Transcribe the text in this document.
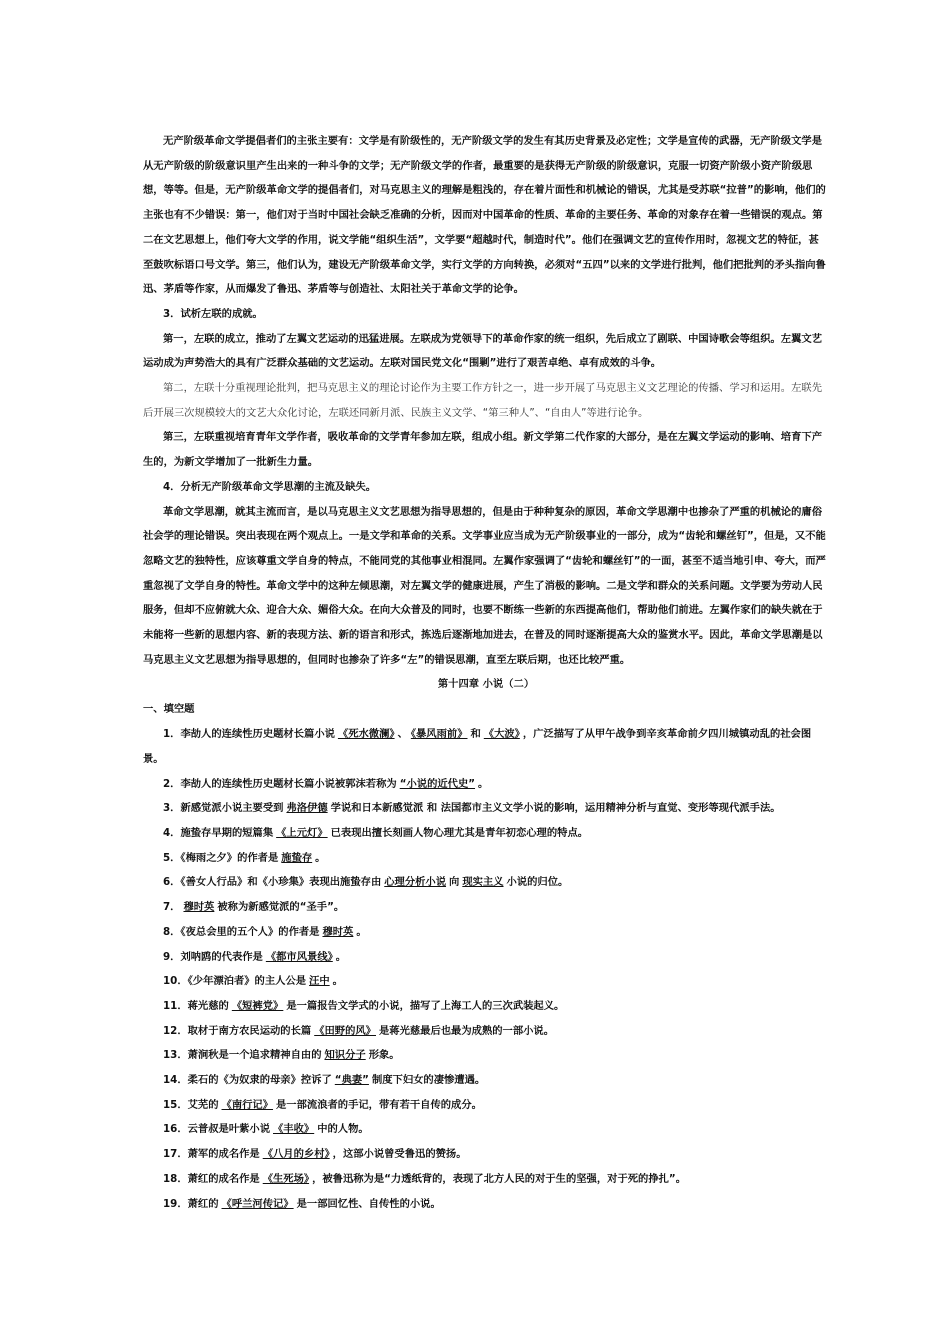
无产阶级革命文学提倡者们的主张主要有：文学是有阶级性的，无产阶级文学的发生有其历史背景及必定性；文学是宣传的武器，无产阶级文学是从无产阶级的阶级意识里产生出来的一种斗争的文学；无产阶级文学的作者，最重要的是获得无产阶级的阶级意识，克服一切资产阶级小资产阶级思想，等等。但是，无产阶级革命文学的提倡者们，对马克思主义的理解是粗浅的，存在着片面性和机械论的错误，尤其是受苏联“拉普”的影响，他们的主张也有不少错误：第一，他们对于当时中国社会缺乏准确的分析，因而对中国革命的性质、革命的主要任务、革命的对象存在着一些错误的观点。第二在文艺思想上，他们夸大文学的作用，说文学能“组织生活”，文学要“超越时代，制造时代”。他们在强调文艺的宣传作用时，忽视文艺的特征，甚至鼓吹标语口号文学。第三，他们认为，建设无产阶级革命文学，实行文学的方向转换，必须对“五四”以来的文学进行批判，他们把批判的矛头指向鲁迅、茅盾等作家，从而爆发了鲁迅、茅盾等与创造社、太阳社关于革命文学的论争。

3．试析左联的成就。

第一，左联的成立，推动了左翼文艺运动的迅猛进展。左联成为党领导下的革命作家的统一组织，先后成立了剧联、中国诗歌会等组织。左翼文艺运动成为声势浩大的具有广泛群众基础的文艺运动。左联对国民党文化“围剿”进行了艰苦卓绝、卓有成效的斗争。

第二，左联十分重视理论批判，把马克思主义的理论讨论作为主要工作方针之一，进一步开展了马克思主义文艺理论的传播、学习和运用。左联先后开展三次规模较大的文艺大众化讨论，左联还同新月派、民族主义文学、“第三种人”、“自由人”等进行论争。

第三，左联重视培育青年文学作者，吸收革命的文学青年参加左联，组成小组。新文学第二代作家的大部分，是在左翼文学运动的影响、培育下产生的，为新文学增加了一批新生力量。

4．分析无产阶级革命文学思潮的主流及缺失。

革命文学思潮，就其主流而言，是以马克思主义文艺思想为指导思想的，但是由于种种复杂的原因，革命文学思潮中也掺杂了严重的机械论的庸俗社会学的理论错误。突出表现在两个观点上。一是文学和革命的关系。文学事业应当成为无产阶级事业的一部分，成为“齿轮和螺丝钉”，但是，又不能忽略文艺的独特性，应该尊重文学自身的特点，不能同党的其他事业相混同。左翼作家强调了“齿轮和螺丝钉”的一面，甚至不适当地引申、夸大，而严重忽视了文学自身的特性。革命文学中的这种左倾思潮，对左翼文学的健康进展，产生了消极的影响。二是文学和群众的关系问题。文学要为劳动人民服务，但却不应俯就大众、迎合大众、媚俗大众。在向大众普及的同时，也要不断练一些新的东西提高他们，帮助他们前进。左翼作家们的缺失就在于未能将一些新的思想内容、新的表现方法、新的语言和形式，拣选后逐渐地加进去，在普及的同时逐渐提高大众的鉴赏水平。因此，革命文学思潮是以马克思主义文艺思想为指导思想的，但同时也掺杂了许多“左”的错误思潮，直至左联后期，也还比较严重。

第十四章 小说（二）

一、填空题

1．李劼人的连续性历史题材长篇小说 《死水微澜》 、 《暴风雨前》 和 《大波》 ，广泛描写了从甲午战争到辛亥革命前夕四川城镇动乱的社会图景。

2．李劼人的连续性历史题材长篇小说被郭沫若称为 “小说的近代史” 。

3．新感觉派小说主要受到 弗洛伊德 学说和日本新感觉派 和 法国都市主义文学小说的影响，运用精神分析与直觉、变形等现代派手法。

4．施蛰存早期的短篇集 《上元灯》 已表现出擅长刻画人物心理尤其是青年初恋心理的特点。

5．《梅雨之夕》的作者是 施蛰存 。

6．《善女人行品》和《小珍集》表现出施蛰存由 心理分析小说 向 现实主义 小说的归位。

7． 穆时英 被称为新感觉派的“圣手”。

8．《夜总会里的五个人》的作者是 穆时英 。

9．刘呐鸥的代表作是 《都市风景线》 。

10．《少年漂泊者》的主人公是 汪中 。

11．蒋光慈的 《短裤党》 是一篇报告文学式的小说，描写了上海工人的三次武装起义。

12．取材于南方农民运动的长篇 《田野的风》 是蒋光慈最后也最为成熟的一部小说。

13．萧涧秋是一个追求精神自由的 知识分子 形象。

14．柔石的《为奴隶的母亲》控诉了 “典妻” 制度下妇女的凄惨遭遇。

15．艾芜的 《南行记》 是一部流浪者的手记，带有若干自传的成分。

16．云普叔是叶紫小说 《丰收》 中的人物。

17．萧军的成名作是 《八月的乡村》 ，这部小说曾受鲁迅的赞扬。

18．萧红的成名作是 《生死场》 ，被鲁迅称为是“力透纸背的，表现了北方人民的对于生的坚强，对于死的挣扎”。

19．萧红的 《呼兰河传记》 是一部回忆性、自传性的小说。
